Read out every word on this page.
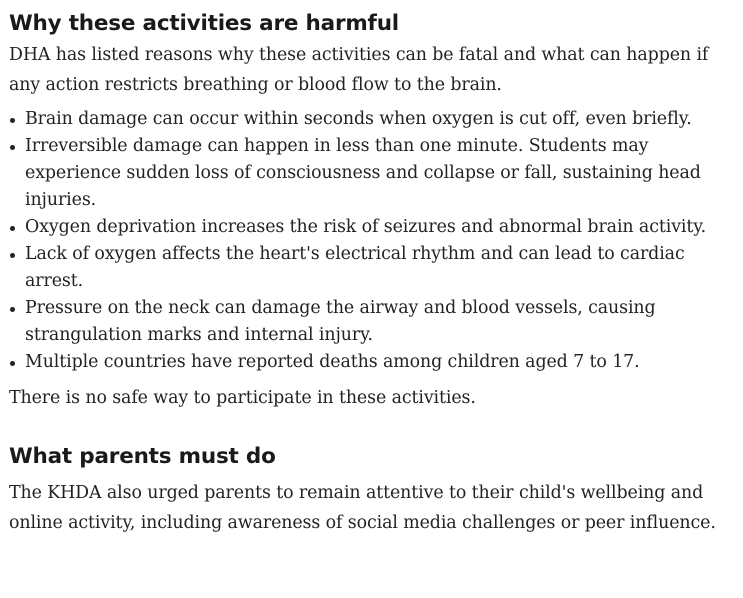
Why these activities are harmful

DHA has listed reasons why these activities can be fatal and what can happen if any action restricts breathing or blood flow to the brain.

Brain damage can occur within seconds when oxygen is cut off, even briefly.
Irreversible damage can happen in less than one minute. Students may experience sudden loss of consciousness and collapse or fall, sustaining head injuries.
Oxygen deprivation increases the risk of seizures and abnormal brain activity.
Lack of oxygen affects the heart's electrical rhythm and can lead to cardiac arrest.
Pressure on the neck can damage the airway and blood vessels, causing strangulation marks and internal injury.
Multiple countries have reported deaths among children aged 7 to 17.

There is no safe way to participate in these activities.

What parents must do

The KHDA also urged parents to remain attentive to their child's wellbeing and online activity, including awareness of social media challenges or peer influence.
